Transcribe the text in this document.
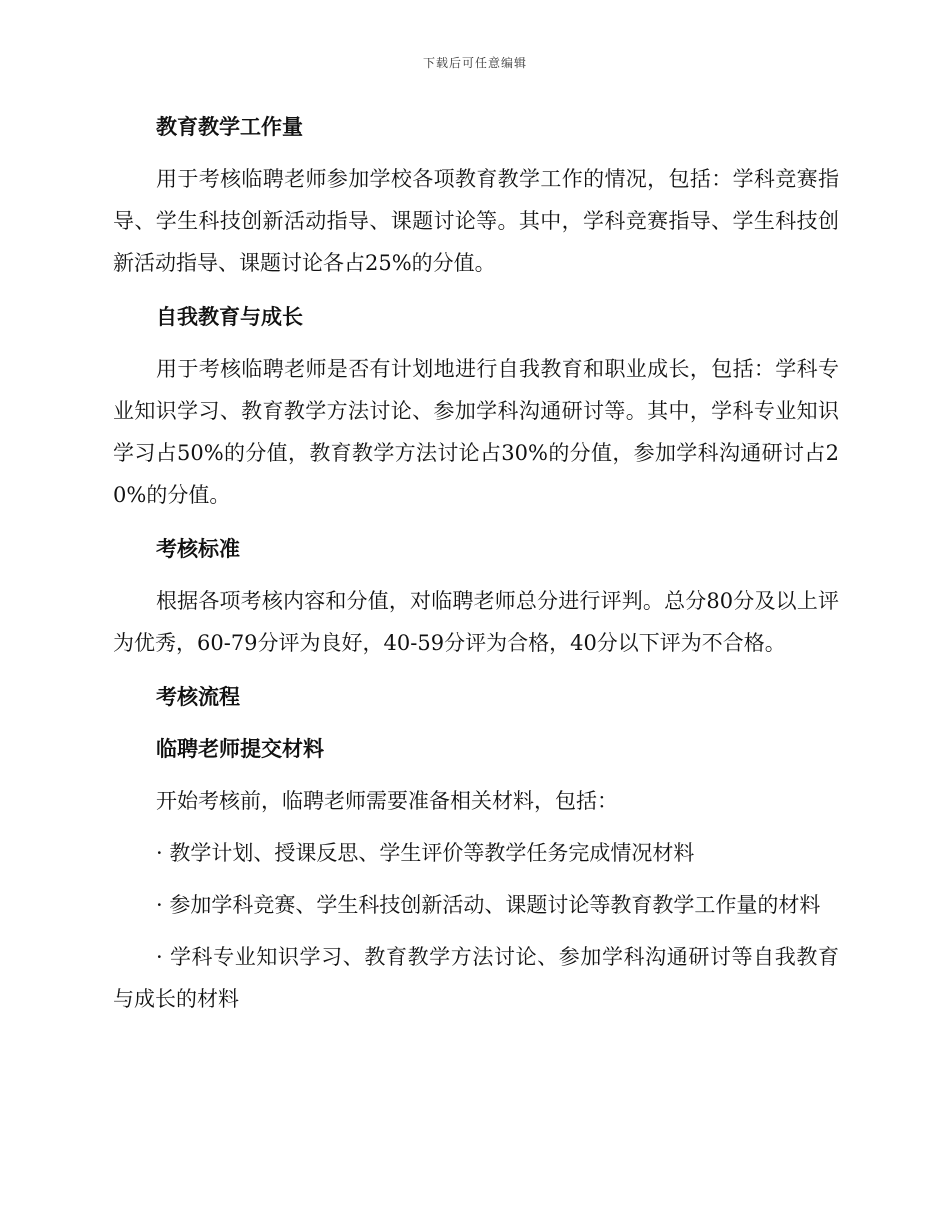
下载后可任意编辑

教育教学工作量

用于考核临聘老师参加学校各项教育教学工作的情况，包括：学科竞赛指导、学生科技创新活动指导、课题讨论等。其中，学科竞赛指导、学生科技创新活动指导、课题讨论各占25%的分值。

自我教育与成长

用于考核临聘老师是否有计划地进行自我教育和职业成长，包括：学科专业知识学习、教育教学方法讨论、参加学科沟通研讨等。其中，学科专业知识学习占50%的分值，教育教学方法讨论占30%的分值，参加学科沟通研讨占20%的分值。

考核标准

根据各项考核内容和分值，对临聘老师总分进行评判。总分80分及以上评为优秀，60-79分评为良好，40-59分评为合格，40分以下评为不合格。

考核流程

临聘老师提交材料

开始考核前，临聘老师需要准备相关材料，包括：

· 教学计划、授课反思、学生评价等教学任务完成情况材料

· 参加学科竞赛、学生科技创新活动、课题讨论等教育教学工作量的材料

· 学科专业知识学习、教育教学方法讨论、参加学科沟通研讨等自我教育与成长的材料
